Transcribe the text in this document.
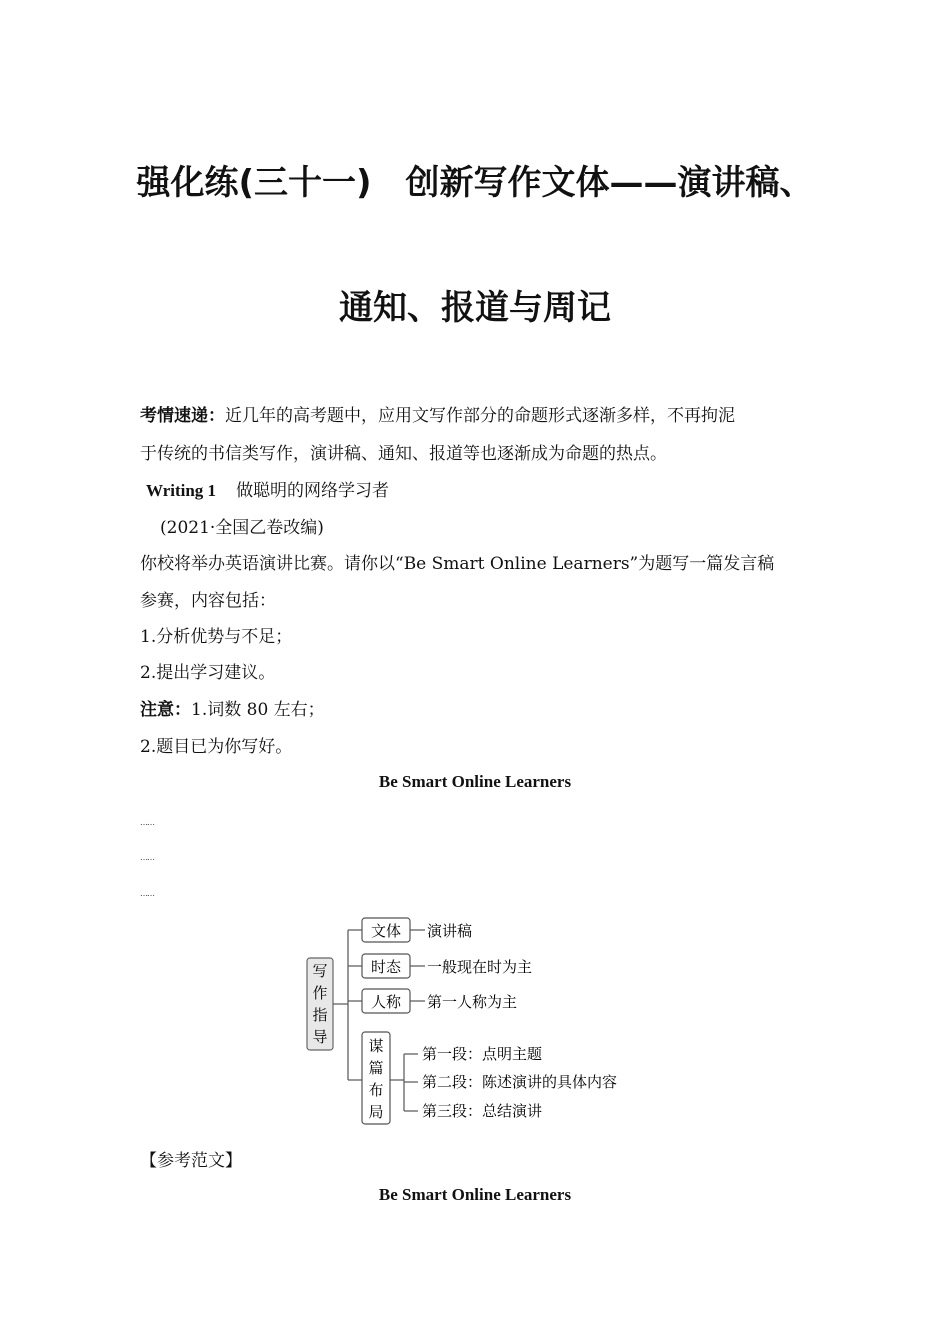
强化练(三十一)　创新写作文体——演讲稿、
通知、报道与周记
考情速递：近几年的高考题中，应用文写作部分的命题形式逐渐多样，不再拘泥
于传统的书信类写作，演讲稿、通知、报道等也逐渐成为命题的热点。
Writing 1 做聪明的网络学习者
(2021·全国乙卷改编)
你校将举办英语演讲比赛。请你以“Be Smart Online Learners”为题写一篇发言稿
参赛，内容包括：
1.分析优势与不足；
2.提出学习建议。
注意：1.词数 80 左右；
2.题目已为你写好。
Be Smart Online Learners
……
……
……
写
作
指
导
文体 演讲稿
时态 一般现在时为主
人称 第一人称为主
谋
篇
布
局
第一段：点明主题
第二段：陈述演讲的具体内容
第三段：总结演讲
【参考范文】
Be Smart Online Learners
